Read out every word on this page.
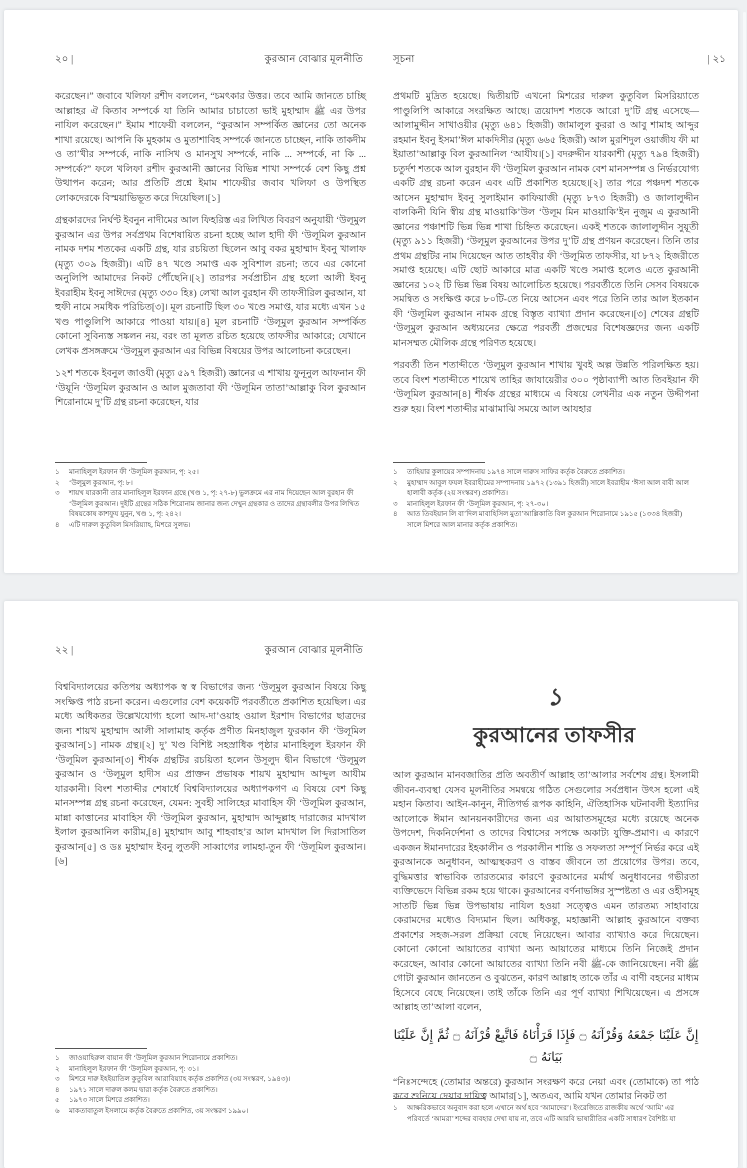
২০ |	কুরআন বোঝার মূলনীতি

করেছেন।” জবাবে খলিফা রশীদ বললেন, “চমৎকার উত্তর। তবে আমি জানতে চাচ্ছি আল্লাহর ঐ কিতাব সম্পর্কে যা তিনি আমার চাচাতো ভাই মুহাম্মাদ ﷺ এর উপর নাযিল করেছেন।” ইমাম শাফেয়ী বললেন, “কুরআন সম্পর্কিত জ্ঞানের তো অনেক শাখা রয়েছে। আপনি কি মুহকাম ও মুতাশাবিহ সম্পর্কে জানতে চাচ্ছেন, নাকি তাকদীম ও তা’খীর সম্পর্কে, নাকি নাসিখ ও মানসুখ সম্পর্কে, নাকি ... সম্পর্কে, না কি ... সম্পর্কে?” ফলে খলিফা রশীদ কুরআনী জ্ঞানের বিভিন্ন শাখা সম্পর্কে বেশ কিছু প্রশ্ন উত্থাপন করেন; আর প্রতিটি প্রশ্নে ইমাম শাফেয়ীর জবাব খলিফা ও উপস্থিত লোকদেরকে বিস্ময়াভিভূত করে দিয়েছিল।[১]

গ্রন্থকারদের নির্ঘণ্ট ইবনুন নাদীমের আল ফিহরিস্ত এর লিখিত বিবরণ অনুযায়ী ‘উলূমুল কুরআন এর উপর সর্বপ্রথম বিশেষায়িত রচনা হচ্ছে আল হাদী ফী ‘উলূমিল কুরআন নামক দশম শতকের একটি গ্রন্থ, যার রচয়িতা ছিলেন আবু বকর মুহাম্মাদ ইবনু খালাফ (মৃত্যু ৩০৯ হিজরী)। এটি ৪৭ খণ্ডে সমাপ্ত এক সুবিশাল রচনা; তবে এর কোনো অনুলিপি আমাদের নিকট পৌঁছেনি।[২] তারপর সর্বপ্রাচীন গ্রন্থ হলো আলী ইবনু ইবরাহীম ইবনু সাঈদের (মৃত্যু ৩৩০ হিঃ) লেখা আল বুরহান ফী তাফসীরিল কুরআন, যা হুফী নামে সমধিক পরিচিত[৩]। মূল রচনাটি ছিল ৩০ খণ্ডে সমাপ্ত, যার মধ্যে এখন ১৫ খণ্ড পাণ্ডুলিপি আকারে পাওয়া যায়।[৪] মূল রচনাটি ‘উলূমুল কুরআন সম্পর্কিত কোনো সুবিন্যস্ত সঙ্কলন নয়, বরং তা মূলত রচিত হয়েছে তাফসীর আকারে; যেখানে লেখক প্রসঙ্গক্রমে ‘উলূমুল কুরআন এর বিভিন্ন বিষয়ের উপর আলোচনা করেছেন।

১২শ শতকে ইবনুল জাওযী (মৃত্যু ৫৯৭ হিজরী) জ্ঞানের এ শাখায় ফুনূনুল আফনান ফী ‘উয়ূনি ‘উলূমিল কুরআন ও আল মুজতাবা ফী ‘উলূমিন তাতা’আল্লাকু বিল কুরআন শিরোনামে দু’টি গ্রন্থ রচনা করেছেন, যার

১	মানাহিলুল ইরফান ফী ‘উলূমিল কুরআন, পৃ: ২৫।
২	‘উলূমুল কুরআন, পৃ: ৮।
৩	শায়খ যারকানী তার মানাহিলুল ইরফান গ্রন্থে (খণ্ড ১, পৃ: ২৭-৮) ভুলক্রমে এর নাম দিয়েছেন আল বুরহান ফী ‘উলূমিল কুরআন। দুইটি গ্রন্থের সঠিক শিরোনাম জানার জন্য দেখুন গ্রন্থকার ও তাদের গ্রন্থাবলীর উপর লিখিত বিষয়কোষ কাশফুয যুনুন, খণ্ড ১, পৃ: ২৪২।
৪	এটি দারুল কুতুবিল মিসরিয়্যাহ, মিশরে সুলভ।
সূচনা	| ২১

প্রথমটি মুদ্রিত হয়েছে। দ্বিতীয়টি এখনো মিশরের দারুল কুতুবিল মিসরিয়্যাতে পাণ্ডুলিপি আকারে সংরক্ষিত আছে। ত্রয়োদশ শতকে আরো দু’টি গ্রন্থ এসেছে— আলামুদ্দীন সাখাওয়ীর (মৃত্যু ৬৪১ হিজরী) জামালুল কুররা ও আবু শামাহ আব্দুর রহমান ইবনু ইসমা’ঈল মাকদিসীর (মৃত্যু ৬৬৫ হিজরী) আল মুরশিদুল ওয়াজীয ফী মা ইয়াতা’আল্লাকু বিল কুরআনিল ‘আযীয।[১] বদরুদ্দীন যারকাশী (মৃত্যু ৭৯৪ হিজরী) চতুর্দশ শতকে আল বুরহান ফী ‘উলূমিল কুরআন নামক বেশ মানসম্পন্ন ও নির্ভরযোগ্য একটি গ্রন্থ রচনা করেন এবং এটি প্রকাশিত হয়েছে।[২] তার পরে পঞ্চদশ শতকে আসেন মুহাম্মাদ ইবনু সুলাইমান কাফিয়াজী (মৃত্যু ৮৭৩ হিজরী) ও জালালুদ্দীন বালকিনী যিনি স্বীয় গ্রন্থ মাওয়াকি’উল ‘উলূম মিন মাওয়াকি’ইন নুজুম এ কুরআনী জ্ঞানের পঞ্চাশটি ভিন্ন ভিন্ন শাখা চিহ্নিত করেছেন। একই শতকে জালালুদ্দীন সুয়ূতী (মৃত্যু ৯১১ হিজরী) ‘উলূমুল কুরআনের উপর দু’টি গ্রন্থ প্রণয়ন করেছেন। তিনি তার প্রথম গ্রন্থটির নাম দিয়েছেন আত তাহবীর ফী ‘উলূমিত তাফসীর, যা ৮৭২ হিজরীতে সমাপ্ত হয়েছে। এটি ছোট আকারে মাত্র একটি খণ্ডে সমাপ্ত হলেও এতে কুরআনী জ্ঞানের ১০২ টি ভিন্ন ভিন্ন বিষয় আলোচিত হয়েছে। পরবর্তীতে তিনি সেসব বিষয়কে সমন্বিত ও সংক্ষিপ্ত করে ৮০টি-তে নিয়ে আসেন এবং পরে তিনি তার আল ইতকান ফী ‘উলূমিল কুরআন নামক গ্রন্থে বিস্তৃত ব্যাখ্যা প্রদান করেছেন।[৩] শেষের গ্রন্থটি ‘উলূমুল কুরআন অধ্যয়নের ক্ষেত্রে পরবর্তী প্রজন্মের বিশেষজ্ঞদের জন্য একটি মানসম্মত মৌলিক গ্রন্থে পরিণত হয়েছে।

পরবর্তী তিন শতাব্দীতে ‘উলূমুল কুরআন শাখায় খুবই অল্প উন্নতি পরিলক্ষিত হয়। তবে বিংশ শতাব্দীতে শায়েখ তাহির জাযায়েরীর ৩০০ পৃষ্ঠাব্যাপী আত তিবইয়ান ফী ‘উলূমিল কুরআন[৪] শীর্ষক গ্রন্থের মাধ্যমে এ বিষয়ে লেখনীর এক নতুন উদ্দীপনা শুরু হয়। বিংশ শতাব্দীর মাঝামাঝি সময়ে আল আযহার

১	তাহিয়ার কুলায়ের সম্পাদনায় ১৯৭৪ সালে দারুস সাফির কর্তৃক বৈরুতে প্রকাশিত।
২	মুহাম্মাদ আবুল ফযল ইবরাহীমের সম্পাদনায় ১৯৭২ (১৩৯১ হিজরী) সালে ইবরাহীম ‘ঈসা আল বাবী আল হালাবী কর্তৃক (২য় সংস্করণ) প্রকাশিত।
৩	মানাহিলুল ইরফান ফী ‘উলূমিল কুরআন, পৃ: ২৭-৩০।
৪	আত তিবইয়ান লি বা’দিল মাবাহিসিল মুতা’আল্লিকাতি বিল কুরআন শিরোনামে ১৯১৫ (১৩৩৪ হিজরী) সালে মিশরে আল মানার কর্তৃক প্রকাশিত।
২২ |	কুরআন বোঝার মূলনীতি

বিশ্ববিদ্যালয়ের কতিপয় অধ্যাপক স্ব স্ব বিভাগের জন্য ‘উলূমুল কুরআন বিষয়ে কিছু সংক্ষিপ্ত পাঠ রচনা করেন। এগুলোর বেশ কয়েকটি পরবর্তীতে প্রকাশিত হয়েছিল। এর মধ্যে অধিকতর উল্লেখযোগ্য হলো আদ-দা’ওয়াহ ওয়াল ইরশাদ বিভাগের ছাত্রদের জন্য শায়খ মুহাম্মাদ আলী সালামাহ কর্তৃক প্রণীত মিনহাজুল ফুরকান ফী ‘উলূমিল কুরআন[১] নামক গ্রন্থ।[২] দু’ খণ্ড বিশিষ্ট সহস্রাধিক পৃষ্ঠার মানাহিলুল ইরফান ফী ‘উলূমিল কুরআন[৩] শীর্ষক গ্রন্থটির রচয়িতা হলেন উসূলুদ দ্বীন বিভাগে ‘উলূমুল কুরআন ও ‘উলূমুল হাদীস এর প্রাক্তন প্রভাষক শায়খ মুহাম্মাদ আব্দুল আযীম যারকানী। বিংশ শতাব্দীর শেষার্ধে বিশ্ববিদ্যালয়ের অধ্যাপকগণ এ বিষয়ে বেশ কিছু মানসম্পন্ন গ্রন্থ রচনা করেছেন, যেমন: সুবহী সালিহের মাবাহিস ফী ‘উলূমিল কুরআন, মান্না কাত্তানের মাবাহিস ফী ‘উলূমিল কুরআন, মুহাম্মাদ আব্দুল্লাহ দারাজের মাদখাল ইলাল কুরআনিল কারীম,[৪] মুহাম্মাদ আবু শাহবাহ’র আল মাদখাল লি দিরাসাতিল কুরআন[৫] ও ডঃ মুহাম্মাদ ইবনু লুতফী সাব্বাগের লামহা-তুন ফী ‘উলূমিল কুরআন।[৬]

১	জাওয়াহিরুল বায়ান ফী ‘উলূমিল কুরআন শিরোনামে প্রকাশিত।
২	মানাহিলুল ইরফান ফী ‘উলূমিল কুরআন, পৃ: ৩১।
৩	মিশরে দারু ইহইয়াতিল কুতুবিল আরাবিয়্যাহ কর্তৃক প্রকাশিত (৩য় সংস্করণ, ১৯৪৩)।
৪	১৯৭১ সালে দারুল কলম দ্বারা কর্তৃক বৈরুতে প্রকাশিত।
৫	১৯৭৩ সালে মিশরে প্রকাশিত।
৬	মাকতাবাতুল ইসলামে কর্তৃক বৈরুতে প্রকাশিত, ৩য় সংস্করণ ১৯৯০।
১
কুরআনের তাফসীর

আল কুরআন মানবজাতির প্রতি অবতীর্ণ আল্লাহ তা’আলার সর্বশেষ গ্রন্থ। ইসলামী জীবন-ব্যবস্থা যেসব মূলনীতির সমন্বয়ে গঠিত সেগুলোর সর্বপ্রধান উৎস হলো এই মহান কিতাব। আইন-কানুন, নীতিগর্ভ রূপক কাহিনি, ঐতিহাসিক ঘটনাবলী ইত্যাদির আলোকে ঈমান আনয়নকারীদের জন্য এর আয়াতসমূহের মধ্যে রয়েছে অনেক উপদেশ, দিকনির্দেশনা ও তাদের বিশ্বাসের সপক্ষে অকাট্য যুক্তি-প্রমাণ। এ কারণে একজন ঈমানদারের ইহকালীন ও পরকালীন শান্তি ও সফলতা সম্পূর্ণ নির্ভর করে এই কুরআনকে অনুধাবন, আত্মস্থকরণ ও বাস্তব জীবনে তা প্রয়োগের উপর। তবে, বুদ্ধিমত্তার স্বাভাবিক তারতম্যের কারণে কুরআনের মর্মার্থ অনুধাবনের গভীরতা ব্যক্তিভেদে বিভিন্ন রকম হয়ে থাকে। কুরআনের বর্ণনাভঙ্গির সুস্পষ্টতা ও এর ওহীসমূহ সাতটি ভিন্ন ভিন্ন উপভাষায় নাযিল হওয়া সত্ত্বেও এমন তারতম্য সাহাবায়ে কেরামদের মধ্যেও বিদ্যমান ছিল। অধিকন্তু, মহাজ্ঞানী আল্লাহ কুরআনে বক্তব্য প্রকাশের সহজ-সরল প্রক্রিয়া বেছে নিয়েছেন। আবার ব্যাখ্যাও করে দিয়েছেন। কোনো কোনো আয়াতের ব্যাখ্যা অন্য আয়াতের মাধ্যমে তিনি নিজেই প্রদান করেছেন, আবার কোনো আয়াতের ব্যাখ্যা তিনি নবী ﷺ-কে জানিয়েছেন। নবী ﷺ গোটা কুরআন জানতেন ও বুঝতেন, কারণ আল্লাহ তাকে তাঁর এ বাণী বহনের মাধ্যম হিসেবে বেছে নিয়েছেন। তাই তাঁকে তিনি এর পূর্ণ ব্যাখ্যা শিখিয়েছেন। এ প্রসঙ্গে আল্লাহ তা’আলা বলেন,

إِنَّ عَلَيْنَا جَمْعَهُ وَقُرْآنَهُ ۝ فَإِذَا قَرَأْنَاهُ فَاتَّبِعْ قُرْآنَهُ ۝ ثُمَّ إِنَّ عَلَيْنَا بَيَانَهُ ۝

“নিঃসন্দেহে (তোমার অন্তরে) কুরআন সংরক্ষণ করে নেয়া এবং (তোমাকে) তা পাঠ করে শুনিয়ে দেয়ার দায়িত্ব আমার[১], অতএব, আমি যখন তোমার নিকট তা

১	আক্ষরিকভাবে অনুবাদ করা হলে এখানে অর্থ হবে ‘আমাদের’। ইংরেজিতে রাজকীয় অর্থে ‘আমি’ এর পরিবর্তে ‘আমরা’ শব্দের ব্যবহার দেখা যায় না, তবে এটি আরবি ভাষারীতির একটি সাধারণ বৈশিষ্ট্য যা
